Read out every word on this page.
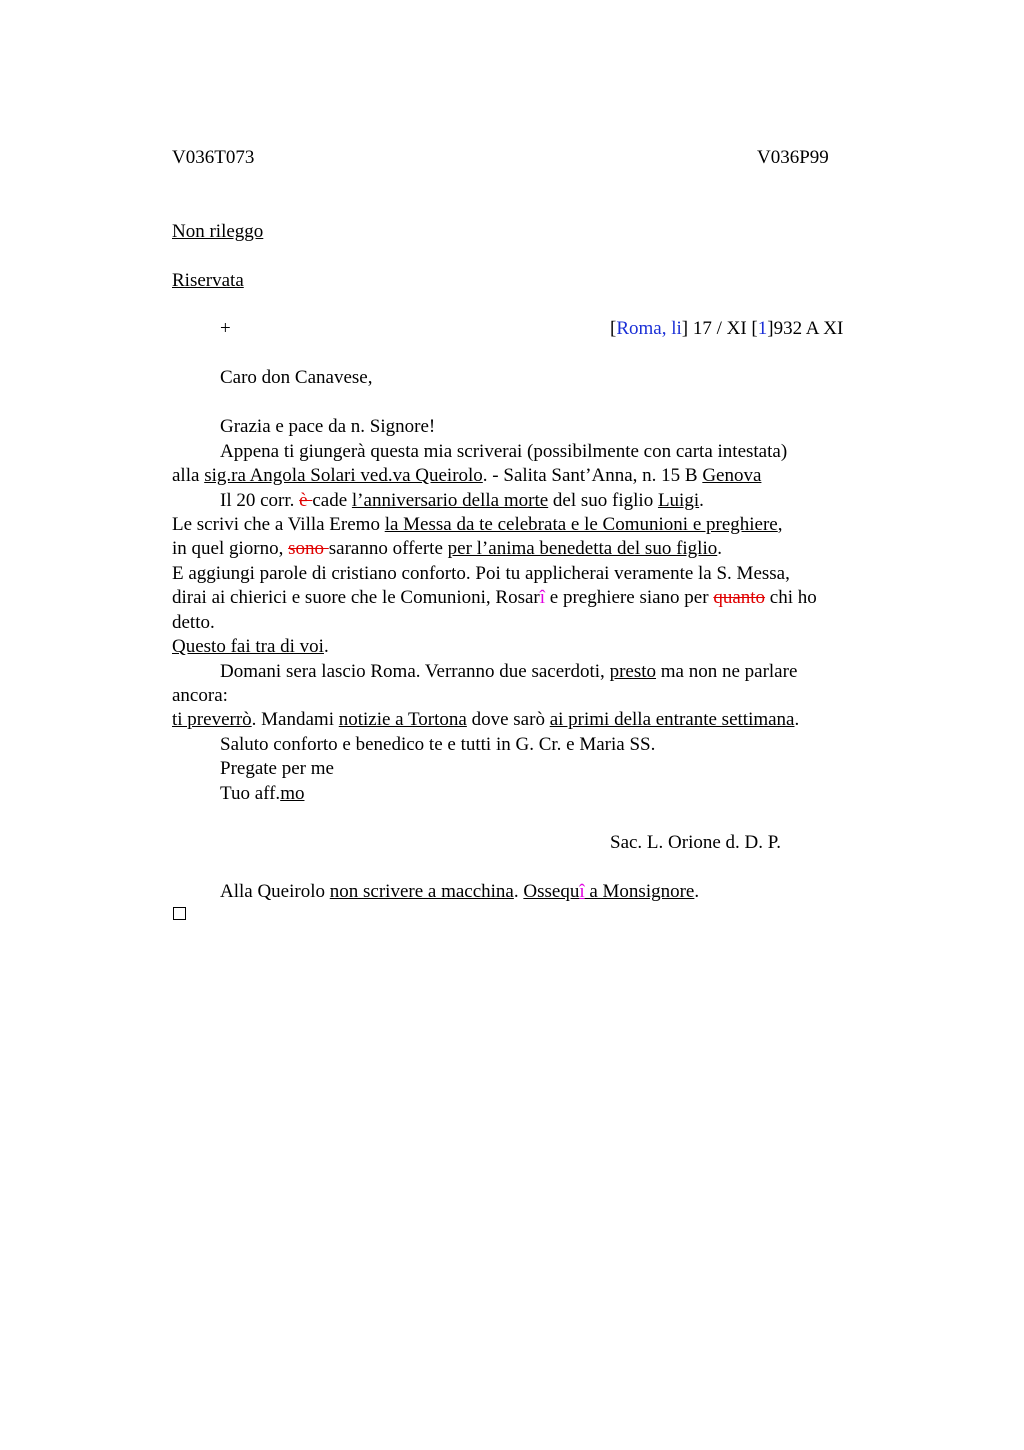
V036T073	V036P99
Non rileggo
Riservata
+	[Roma, li] 17 / XI [1]932 A XI
Caro don Canavese,
Grazia e pace da n. Signore!
Appena ti giungerà questa mia scriverai (possibilmente con carta intestata)
alla sig.ra Angola Solari ved.va Queirolo. - Salita Sant’Anna, n. 15 B Genova
Il 20 corr. è cade l’anniversario della morte del suo figlio Luigi.
Le scrivi che a Villa Eremo la Messa da te celebrata e le Comunioni e preghiere,
in quel giorno, sono saranno offerte per l’anima benedetta del suo figlio.
E aggiungi parole di cristiano conforto. Poi tu applicherai veramente la S. Messa,
dirai ai chierici e suore che le Comunioni, Rosarî e preghiere siano per quanto chi ho
detto.
Questo fai tra di voi.
Domani sera lascio Roma. Verranno due sacerdoti, presto ma non ne parlare
ancora:
ti preverrò. Mandami notizie a Tortona dove sarò ai primi della entrante settimana.
Saluto conforto e benedico te e tutti in G. Cr. e Maria SS.
Pregate per me
Tuo aff.mo
Sac. L. Orione d. D. P.
Alla Queirolo non scrivere a macchina. Ossequî a Monsignore.
